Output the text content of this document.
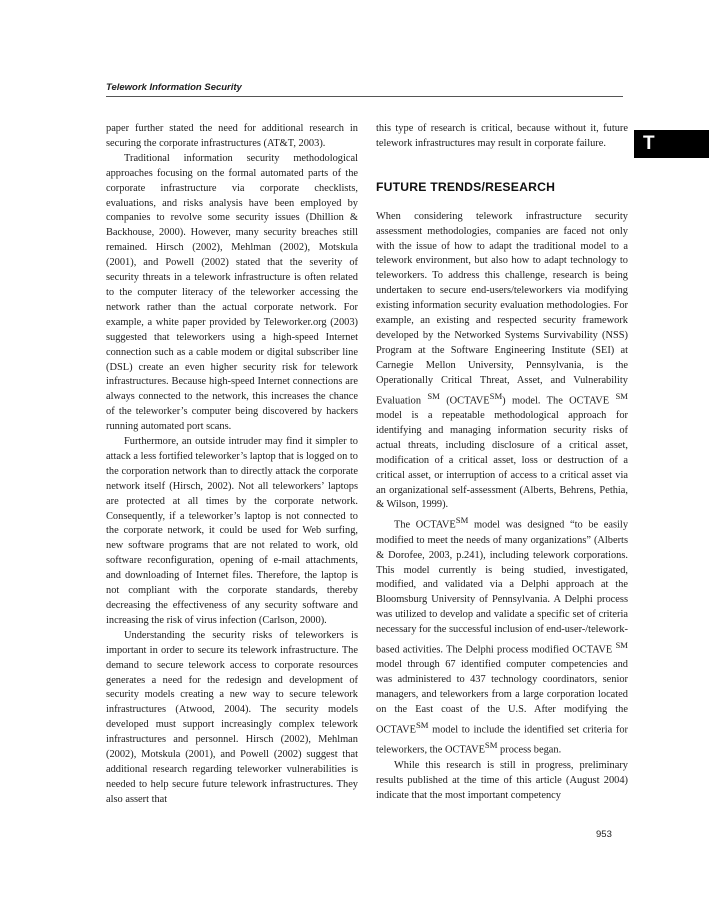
Telework Information Security
T

paper further stated the need for additional research in securing the corporate infrastructures (AT&T, 2003).

Traditional information security methodological approaches focusing on the formal automated parts of the corporate infrastructure via corporate checklists, evaluations, and risks analysis have been employed by companies to revolve some security issues (Dhillion & Backhouse, 2000). However, many security breaches still remained. Hirsch (2002), Mehlman (2002), Motskula (2001), and Powell (2002) stated that the severity of security threats in a telework infrastructure is often related to the computer literacy of the teleworker accessing the network rather than the actual corporate network. For example, a white paper provided by Teleworker.org (2003) suggested that teleworkers using a high-speed Internet connection such as a cable modem or digital subscriber line (DSL) create an even higher security risk for telework infrastructures. Because high-speed Internet connections are always connected to the network, this increases the chance of the teleworker’s computer being discovered by hackers running automated port scans.

Furthermore, an outside intruder may find it simpler to attack a less fortified teleworker’s laptop that is logged on to the corporation network than to directly attack the corporate network itself (Hirsch, 2002). Not all teleworkers’ laptops are protected at all times by the corporate network. Consequently, if a teleworker’s laptop is not connected to the corporate network, it could be used for Web surfing, new software programs that are not related to work, old software reconfiguration, opening of e-mail attachments, and downloading of Internet files. Therefore, the laptop is not compliant with the corporate standards, thereby decreasing the effectiveness of any security software and increasing the risk of virus infection (Carlson, 2000).

Understanding the security risks of teleworkers is important in order to secure its telework infrastructure. The demand to secure telework access to corporate resources generates a need for the redesign and development of security models creating a new way to secure telework infrastructures (Atwood, 2004). The security models developed must support increasingly complex telework infrastructures and personnel. Hirsch (2002), Mehlman (2002), Motskula (2001), and Powell (2002) suggest that additional research regarding teleworker vulnerabilities is needed to help secure future telework infrastructures. They also assert that

this type of research is critical, because without it, future telework infrastructures may result in corporate failure.

FUTURE TRENDS/RESEARCH

When considering telework infrastructure security assessment methodologies, companies are faced not only with the issue of how to adapt the traditional model to a telework environment, but also how to adapt technology to teleworkers. To address this challenge, research is being undertaken to secure end-users/teleworkers via modifying existing information security evaluation methodologies. For example, an existing and respected security framework developed by the Networked Systems Survivability (NSS) Program at the Software Engineering Institute (SEI) at Carnegie Mellon University, Pennsylvania, is the Operationally Critical Threat, Asset, and Vulnerability Evaluation ℠ (OCTAVE℠) model. The OCTAVE ℠ model is a repeatable methodological approach for identifying and managing information security risks of actual threats, including disclosure of a critical asset, modification of a critical asset, loss or destruction of a critical asset, or interruption of access to a critical asset via an organizational self-assessment (Alberts, Behrens, Pethia, & Wilson, 1999).

The OCTAVE℠ model was designed “to be easily modified to meet the needs of many organizations” (Alberts & Dorofee, 2003, p.241), including telework corporations. This model currently is being studied, investigated, modified, and validated via a Delphi approach at the Bloomsburg University of Pennsylvania. A Delphi process was utilized to develop and validate a specific set of criteria necessary for the successful inclusion of end-user-/telework-based activities. The Delphi process modified OCTAVE ℠ model through 67 identified computer competencies and was administered to 437 technology coordinators, senior managers, and teleworkers from a large corporation located on the East coast of the U.S. After modifying the OCTAVE℠ model to include the identified set criteria for teleworkers, the OCTAVE℠ process began.

While this research is still in progress, preliminary results published at the time of this article (August 2004) indicate that the most important competency

953
